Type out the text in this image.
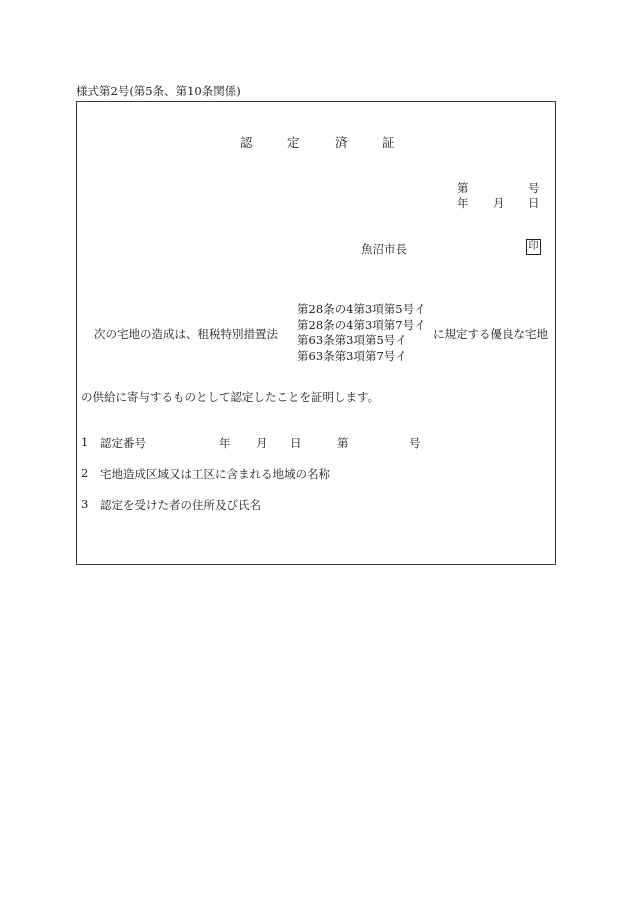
様式第2号(第5条、第10条関係)
認	定	済	証
第	号
年 月 日
魚沼市長	印
次の宅地の造成は、租税特別措置法
第28条の4第3項第5号イ
第28条の4第3項第7号イ
第63条第3項第5号イ
第63条第3項第7号イ
に規定する優良な宅地
の供給に寄与するものとして認定したことを証明します。
1 認定番号	年 月 日	第	号
2 宅地造成区域又は工区に含まれる地域の名称
3 認定を受けた者の住所及び氏名
